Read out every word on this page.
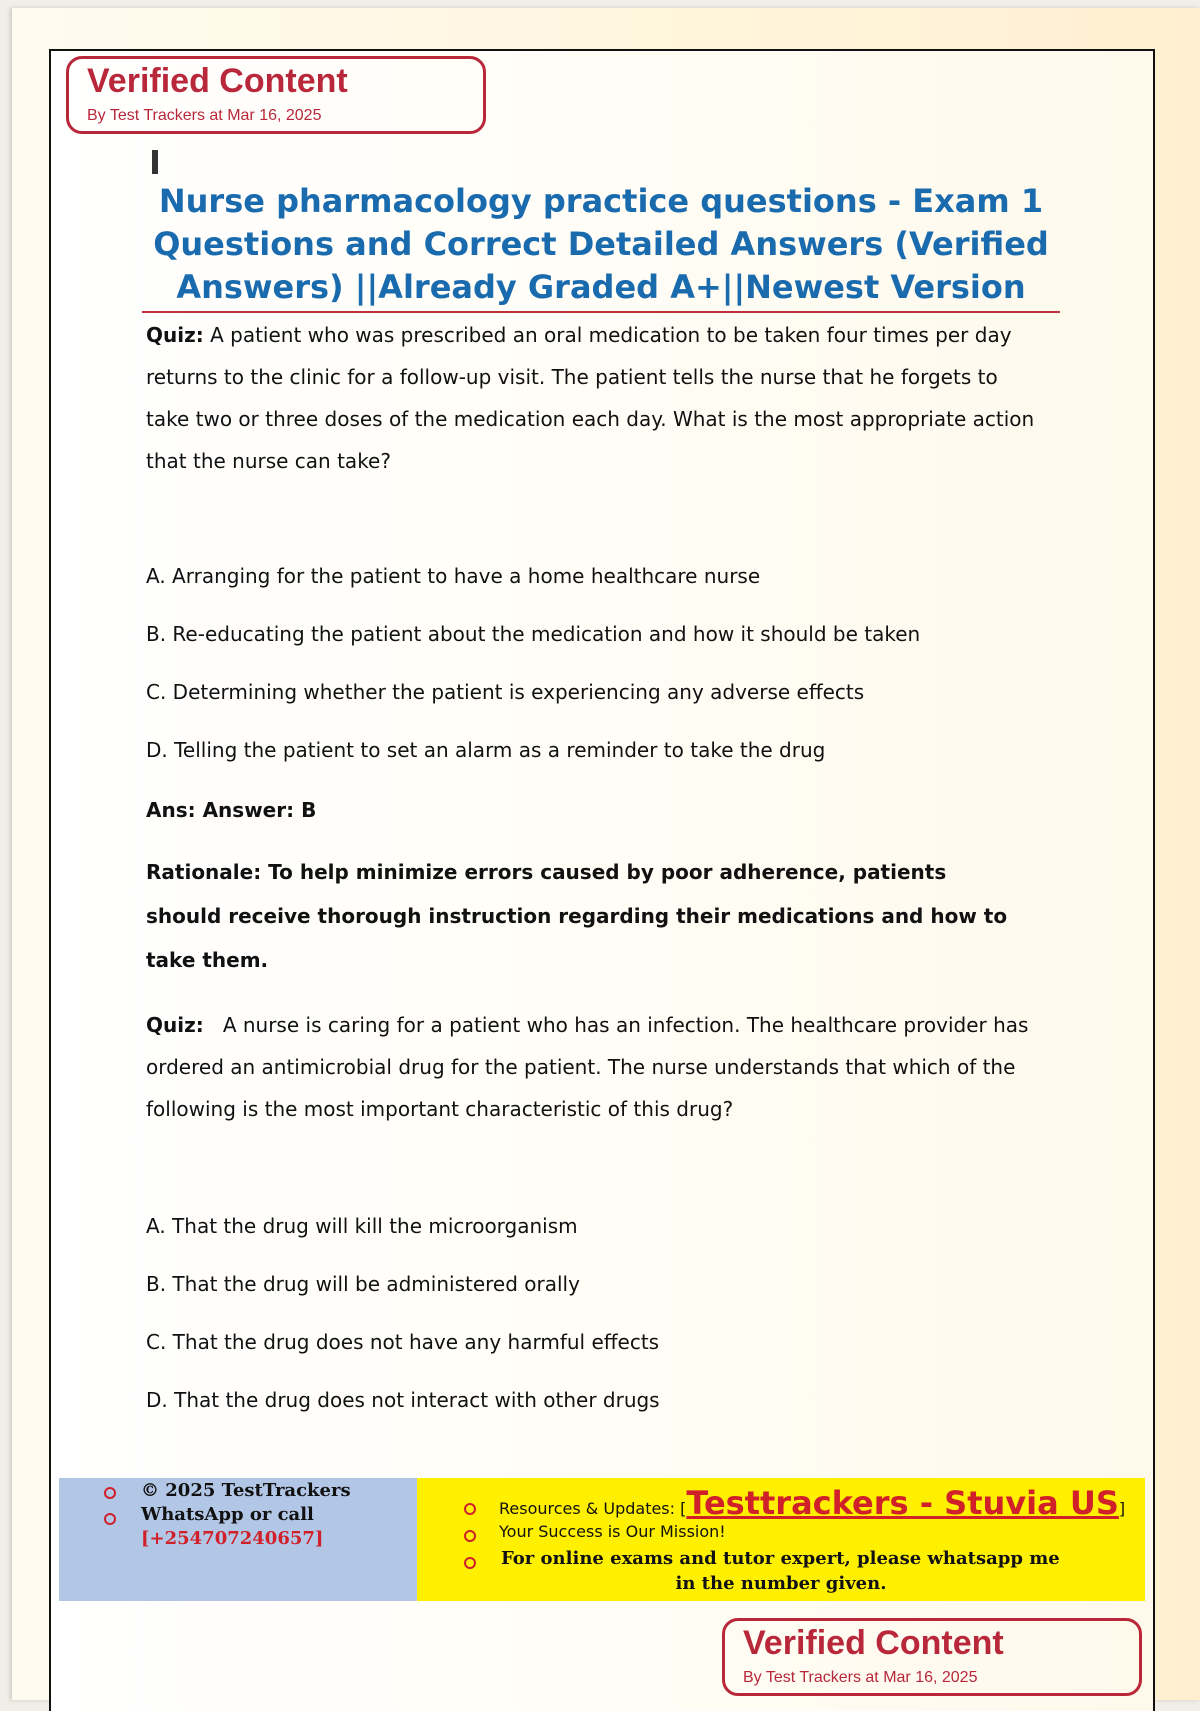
Verified Content
By Test Trackers at Mar 16, 2025
Nurse pharmacology practice questions - Exam 1 Questions and Correct Detailed Answers (Verified Answers) ||Already Graded A+||Newest Version
Quiz: A patient who was prescribed an oral medication to be taken four times per day returns to the clinic for a follow-up visit. The patient tells the nurse that he forgets to take two or three doses of the medication each day. What is the most appropriate action that the nurse can take?
A. Arranging for the patient to have a home healthcare nurse
B. Re-educating the patient about the medication and how it should be taken
C. Determining whether the patient is experiencing any adverse effects
D. Telling the patient to set an alarm as a reminder to take the drug
Ans: Answer: B
Rationale: To help minimize errors caused by poor adherence, patients should receive thorough instruction regarding their medications and how to take them.
Quiz: A nurse is caring for a patient who has an infection. The healthcare provider has ordered an antimicrobial drug for the patient. The nurse understands that which of the following is the most important characteristic of this drug?
A. That the drug will kill the microorganism
B. That the drug will be administered orally
C. That the drug does not have any harmful effects
D. That the drug does not interact with other drugs
© 2025 TestTrackers
WhatsApp or call
[+254707240657]
Resources & Updates: [Testtrackers - Stuvia US]
Your Success is Our Mission!
For online exams and tutor expert, please whatsapp me
in the number given.
Verified Content
By Test Trackers at Mar 16, 2025
